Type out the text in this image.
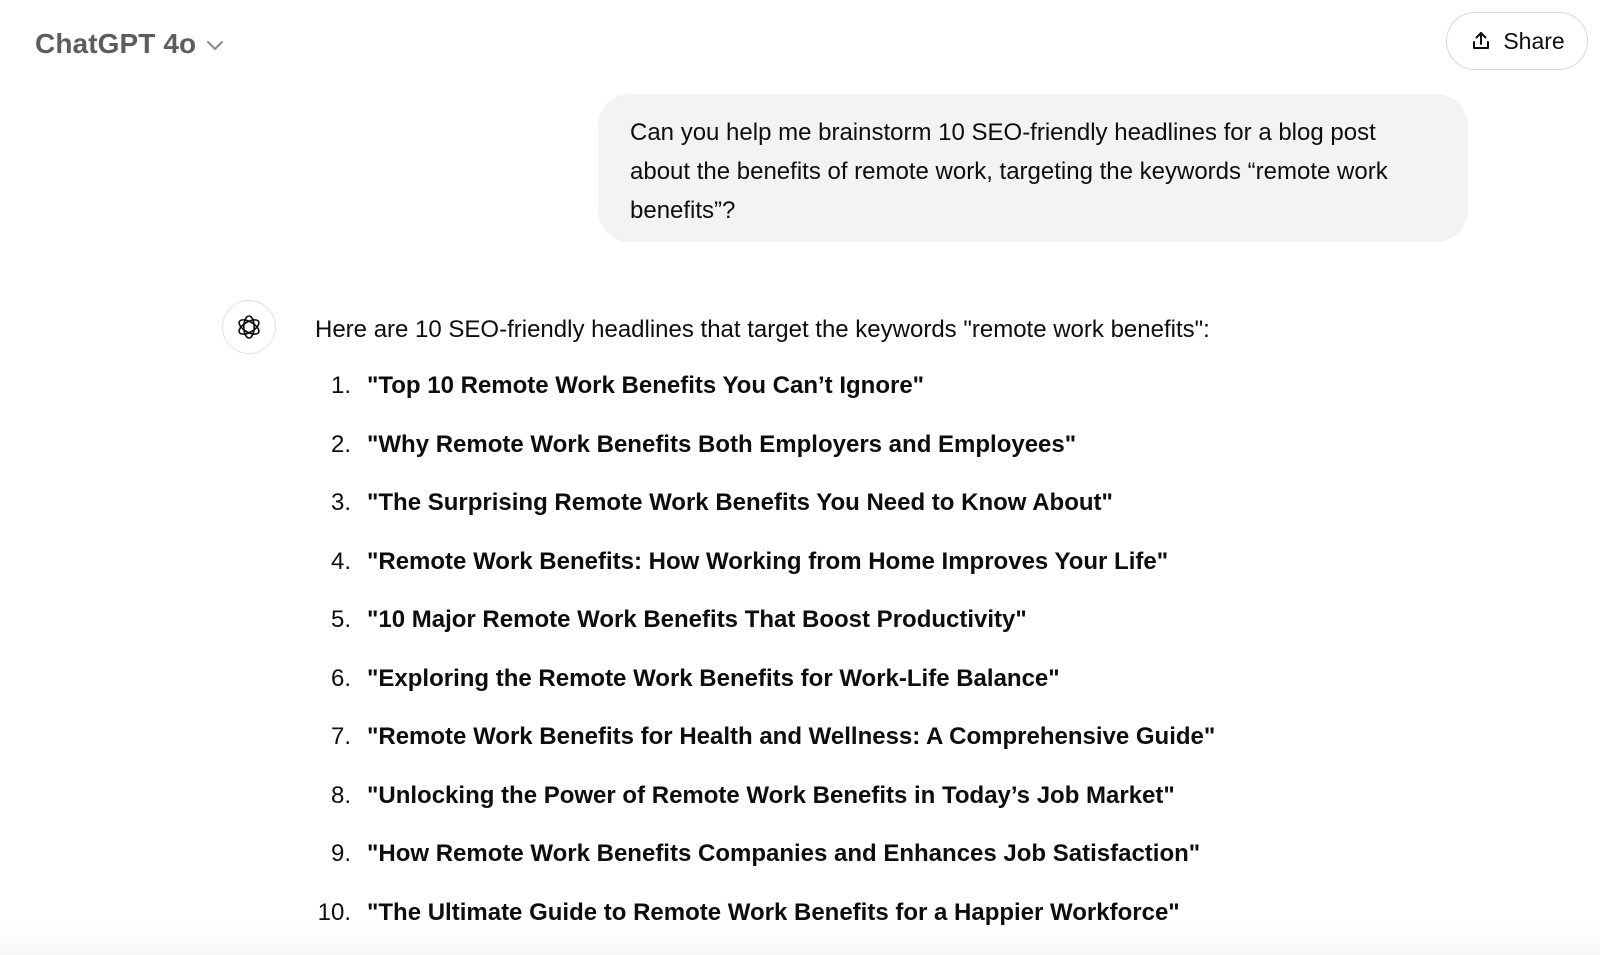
ChatGPT 4o	Share

Can you help me brainstorm 10 SEO-friendly headlines for a blog post about the benefits of remote work, targeting the keywords “remote work benefits”?

Here are 10 SEO-friendly headlines that target the keywords "remote work benefits":

1. "Top 10 Remote Work Benefits You Can’t Ignore"
2. "Why Remote Work Benefits Both Employers and Employees"
3. "The Surprising Remote Work Benefits You Need to Know About"
4. "Remote Work Benefits: How Working from Home Improves Your Life"
5. "10 Major Remote Work Benefits That Boost Productivity"
6. "Exploring the Remote Work Benefits for Work-Life Balance"
7. "Remote Work Benefits for Health and Wellness: A Comprehensive Guide"
8. "Unlocking the Power of Remote Work Benefits in Today’s Job Market"
9. "How Remote Work Benefits Companies and Enhances Job Satisfaction"
10. "The Ultimate Guide to Remote Work Benefits for a Happier Workforce"
